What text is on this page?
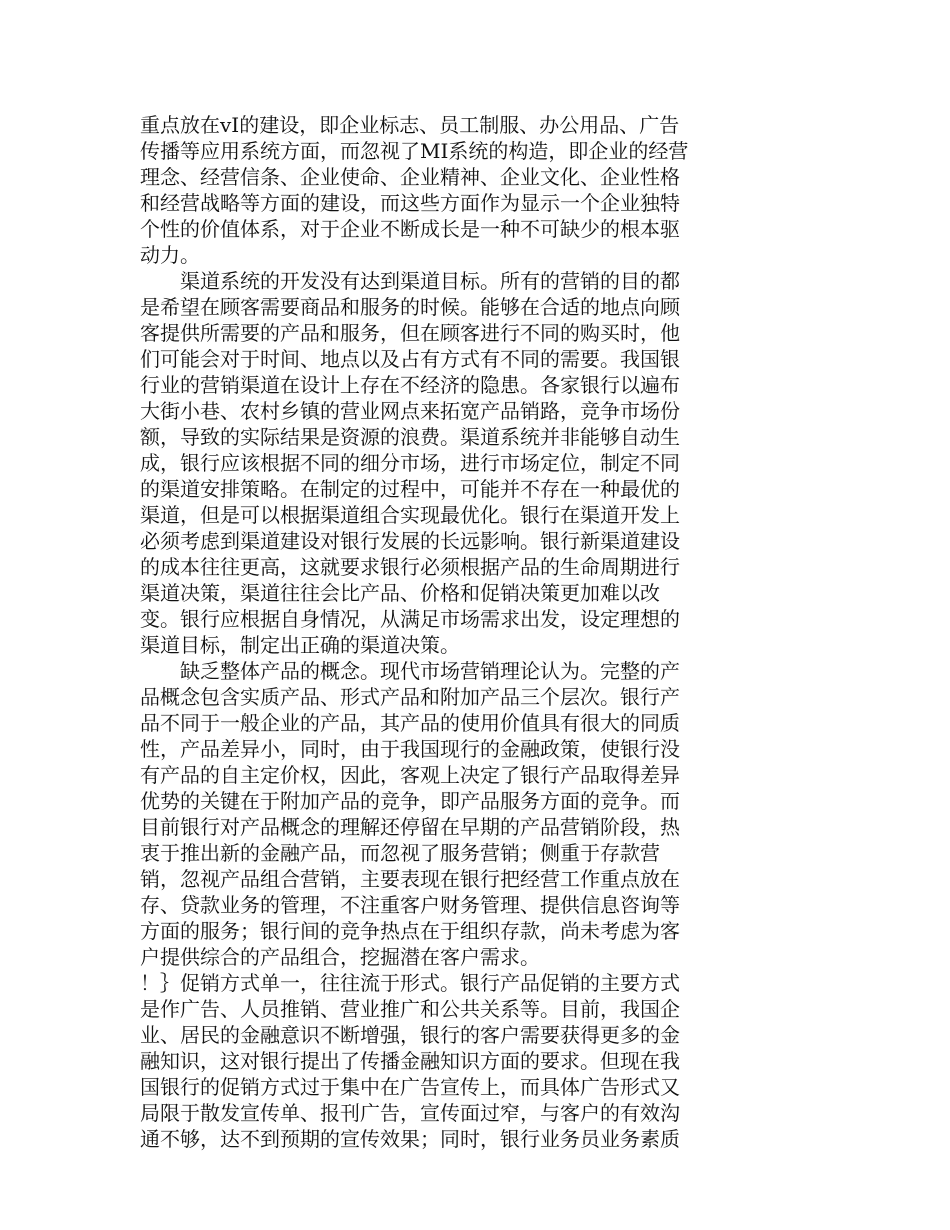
重点放在vI的建设，即企业标志、员工制服、办公用品、广告
传播等应用系统方面，而忽视了MI系统的构造，即企业的经营
理念、经营信条、企业使命、企业精神、企业文化、企业性格
和经营战略等方面的建设，而这些方面作为显示一个企业独特
个性的价值体系，对于企业不断成长是一种不可缺少的根本驱
动力。
　　渠道系统的开发没有达到渠道目标。所有的营销的目的都
是希望在顾客需要商品和服务的时候。能够在合适的地点向顾
客提供所需要的产品和服务，但在顾客进行不同的购买时，他
们可能会对于时间、地点以及占有方式有不同的需要。我国银
行业的营销渠道在设计上存在不经济的隐患。各家银行以遍布
大街小巷、农村乡镇的营业网点来拓宽产品销路，竞争市场份
额，导致的实际结果是资源的浪费。渠道系统并非能够自动生
成，银行应该根据不同的细分市场，进行市场定位，制定不同
的渠道安排策略。在制定的过程中，可能并不存在一种最优的
渠道，但是可以根据渠道组合实现最优化。银行在渠道开发上
必须考虑到渠道建设对银行发展的长远影响。银行新渠道建设
的成本往往更高，这就要求银行必须根据产品的生命周期进行
渠道决策，渠道往往会比产品、价格和促销决策更加难以改
变。银行应根据自身情况，从满足市场需求出发，设定理想的
渠道目标，制定出正确的渠道决策。
　　缺乏整体产品的概念。现代市场营销理论认为。完整的产
品概念包含实质产品、形式产品和附加产品三个层次。银行产
品不同于一般企业的产品，其产品的使用价值具有很大的同质
性，产品差异小，同时，由于我国现行的金融政策，使银行没
有产品的自主定价权，因此，客观上决定了银行产品取得差异
优势的关键在于附加产品的竞争，即产品服务方面的竞争。而
目前银行对产品概念的理解还停留在早期的产品营销阶段，热
衷于推出新的金融产品，而忽视了服务营销；侧重于存款营
销，忽视产品组合营销，主要表现在银行把经营工作重点放在
存、贷款业务的管理，不注重客户财务管理、提供信息咨询等
方面的服务；银行间的竞争热点在于组织存款，尚未考虑为客
户提供综合的产品组合，挖掘潜在客户需求。
！｝促销方式单一，往往流于形式。银行产品促销的主要方式
是作广告、人员推销、营业推广和公共关系等。目前，我国企
业、居民的金融意识不断增强，银行的客户需要获得更多的金
融知识，这对银行提出了传播金融知识方面的要求。但现在我
国银行的促销方式过于集中在广告宣传上，而具体广告形式又
局限于散发宣传单、报刊广告，宣传面过窄，与客户的有效沟
通不够，达不到预期的宣传效果；同时，银行业务员业务素质
